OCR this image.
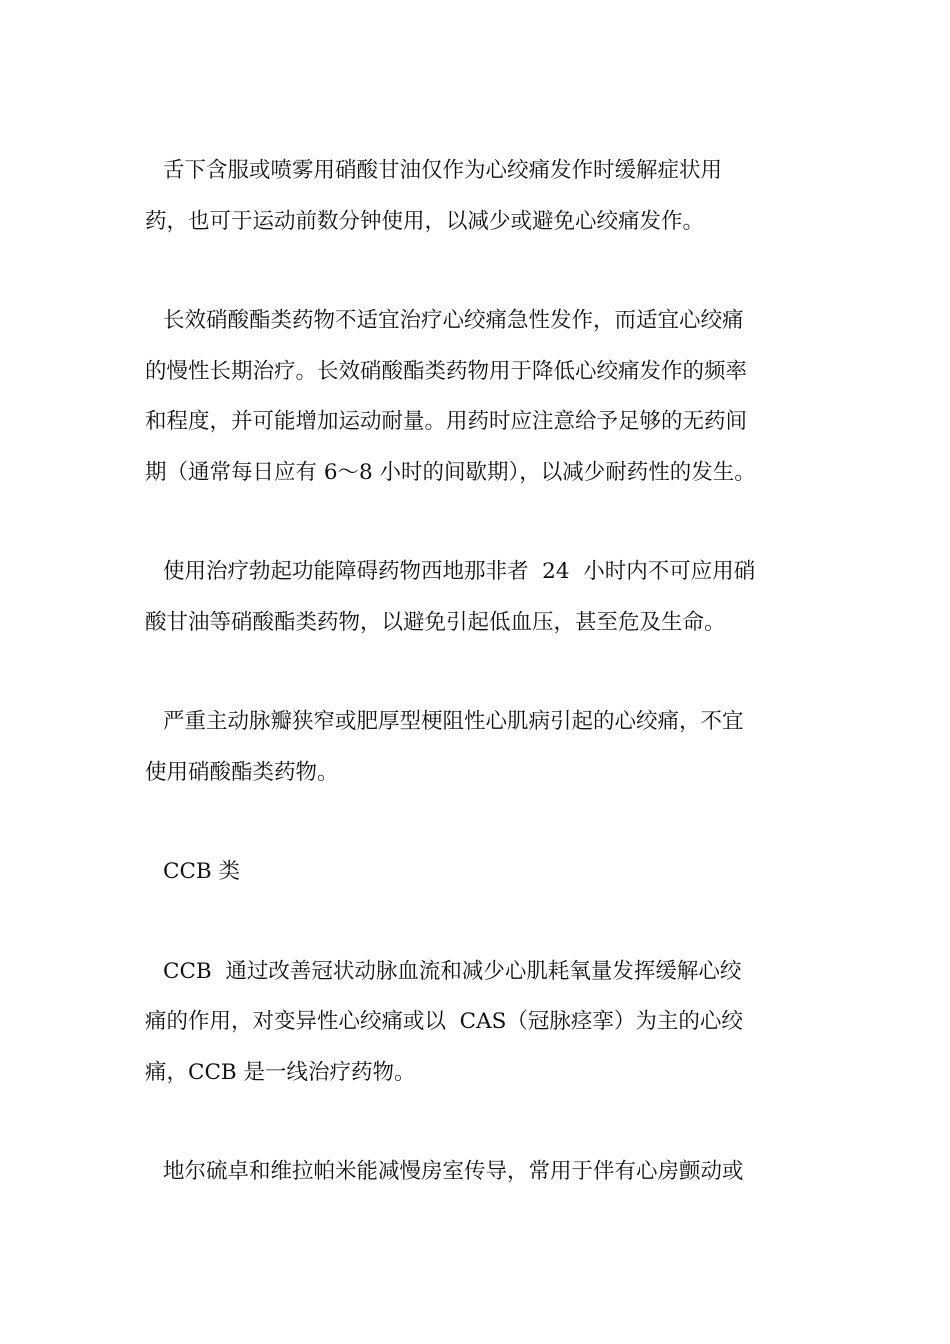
舌下含服或喷雾用硝酸甘油仅作为心绞痛发作时缓解症状用
药，也可于运动前数分钟使用，以减少或避免心绞痛发作。

长效硝酸酯类药物不适宜治疗心绞痛急性发作，而适宜心绞痛
的慢性长期治疗。长效硝酸酯类药物用于降低心绞痛发作的频率
和程度，并可能增加运动耐量。用药时应注意给予足够的无药间
期（通常每日应有 6～8 小时的间歇期），以减少耐药性的发生。

使用治疗勃起功能障碍药物西地那非者  24  小时内不可应用硝
酸甘油等硝酸酯类药物，以避免引起低血压，甚至危及生命。

严重主动脉瓣狭窄或肥厚型梗阻性心肌病引起的心绞痛，不宜
使用硝酸酯类药物。

CCB 类

CCB  通过改善冠状动脉血流和减少心肌耗氧量发挥缓解心绞
痛的作用，对变异性心绞痛或以  CAS（冠脉痉挛）为主的心绞
痛，CCB 是一线治疗药物。

地尔硫卓和维拉帕米能减慢房室传导，常用于伴有心房颤动或
